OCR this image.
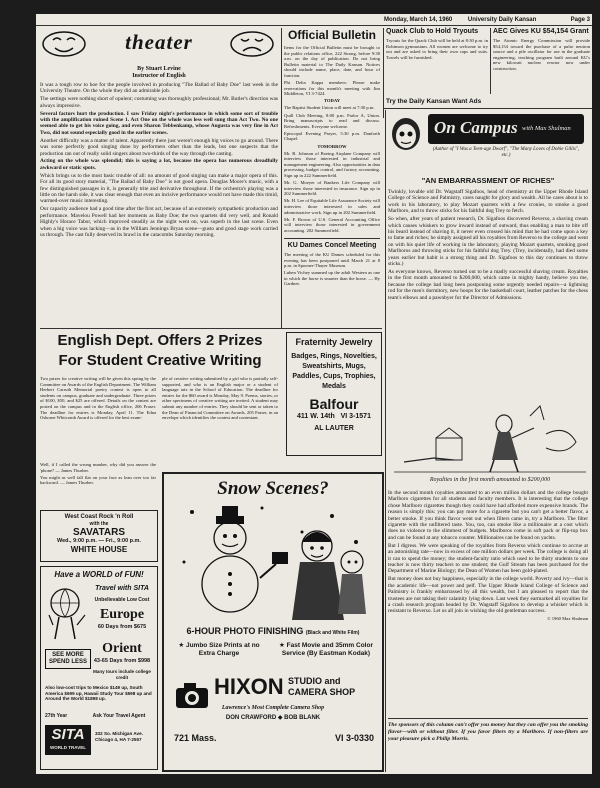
Monday, March 14, 1960	University Daily Kansan	Page 3
theater
By Stuart Levine
Instructor of English

It was a tough row to hoe for the people involved in producing "The Ballad of Baby Doe" last week in the University Theatre. On the whole they did an admirable job.

The settings were nothing short of opulent; costuming was thoroughly professional; Mr. Butler's direction was always impressive.

Several factors hurt the production. I saw Friday night's performance in which some sort of trouble with the amplification ruined Scene 1. Act One on the whole was less well sung than Act Two. No one seemed able to get his voice going, and even Sharon Tebbenkamp, whose Augusta was very fine in Act Two, did not sound especially good in the earlier scenes.

Another difficulty was a matter of talent. Apparently there just weren't enough big voices to go around. There was some perfectly good singing done by performers other than the leads, but one suspects that the production ran out of really solid singers about two-thirds of the way through the casting.

Acting on the whole was splendid; this is saying a lot, because the opera has numerous dreadfully awkward or static spots.

Which brings us to the most basic trouble of all: no amount of good singing can make a major opera of this. For all its good story material, "The Ballad of Baby Doe" is not good opera. Douglas Moore's music, with a few distinguished passages in it, is generally trite and derivative throughout. If the orchestra's playing was a little on the harsh side, it was clear enough that even an incisive performance would not have made this timid, warmed-over music interesting.

Our capacity audience had a good time after the first act, because of an extremely sympathetic production and performance. Mavelou Powell had her moments as Baby Doe; the two quartets did very well, and Ronald Highly's Horace Tabor, which improved steadily as the night went on, was superb in the last scene. Even when a big voice was lacking—as in the William Jennings Bryan scene—gusto and good stage work carried us through. The cast fully deserved its brawl in the catacombs Saturday morning.

Official Bulletin

Items for the Official Bulletin must be brought to the public relations office, 222 Strong, before 9:30 a.m. on the day of publication. Do not bring Bulletin material to The Daily Kansan. Notices should include name, place, date, and hour of function.

Phi Delta Kappa members: Please make reservations for this month's meeting with Jim Middleton, VI 3-7424.

TODAY

The Baptist Student Union will meet at 7:30 p.m.

Quill Club Meeting, 8:00 p.m. Parlor A, Union. Bring manuscripts to read and discuss. Refreshments. Everyone welcome.

Episcopal Evening Prayer, 5:30 p.m. Danforth Chapel.

TOMORROW

Mr. B. Johnson of Boeing Airplane Company will interview those interested in industrial and management engineering. Also opportunities in data processing, budget control, and factory accounting. Sign up in 222 Summerfield.

Mr. G. Moeyer of Bankers Life Company will interview those interested in insurance. Sign up in 202 Summerfield.

Mr. H. Lee of Equitable Life Assurance Society will interview those interested in sales and administrative work. Sign up in 202 Summerfield.

Mr. F. Brown of U.S. General Accounting Office will interview those interested in government accounting. 202 Summerfield.

KU Dames Concel Meeting

The meeting of the KU Dames scheduled for this evening has been postponed until March 21 at 8 p.m. in Spooner-Thayer Museum.

Luben Vichey summed up the adult Western as one in which the horse is smarter than the horse. — Hy Gardner.

Quack Club to Hold Tryouts
Tryouts for the Quack Club will be held at 8:30 p.m. in Robinson gymnasium. All women are welcome to try out and are asked to bring their own caps and suits. Towels will be furnished.
AEC Gives KU $54,154 Grant
The Atomic Energy Commission will provide $54,154 toward the purchase of a pulse neutron source and a pile oscillator for use in the graduate engineering, teaching program built around KU's new kilowatt nuclear reactor now under construction.
Try the Daily Kansan Want Ads
On Campus with Max Shulman
(Author of "I Was a Teen-age Dwarf", "The Many Loves of Dobie Gillis", etc.)
"AN EMBARRASSMENT OF RICHES"

Twinkly, lovable old Dr. Wagstaff Sigafoos, head of chemistry at the Upper Rhode Island College of Science and Palmistry, cares naught for glory and wealth. All he cares about is to work in his laboratory, to play Mozart quartets with a few cronies, to smoke a good Marlboro, and to throw sticks for his faithful dog Trey to fetch.

So when, after years of patient research, Dr. Sigafoos discovered Reverso, a shaving cream which causes whiskers to grow inward instead of outward, thus enabling a man to bite off his beard instead of shaving it, it never even crossed his mind that he had come upon a key to fame and riches; he simply assigned all his royalties from Reverso to the college and went on with his quiet life of working in the laboratory, playing Mozart quartets, smoking good Marlboros and throwing sticks for his faithful dog Trey. (Trey, incidentally, had died some years earlier but habit is a strong thing and Dr. Sigafoos to this day continues to throw sticks.)

As everyone knows, Reverso turned out to be a madly successful shaving cream. Royalties in the first month amounted to $200,000, which came in mighty handy, believe you me, because the college had long been postponing some urgently needed repairs—a lightning rod for the men's dormitory, new hoops for the basketball court, leather patches for the chess team's elbows and a pawnbyer for the Director of Admissions.

Royalties in the first month amounted to $200,000

In the second month royalties amounted to an even million dollars and the college bought Marlboro cigarettes for all students and faculty members. It is interesting that the college chose Marlboro cigarettes though they could have had afforded more expensive brands. The reason is simply this: you can pay more for a cigarette but you can't get a better flavor, a better smoke. If you think flavor went out when filters came in, try a Marlboro. The filter cigarette with the unfiltered taste. You, too, can smoke like a millionaire at a cost which does no violence to the slimmest of budgets. Marlboros come in soft pack or flip-top box and can be found at any tobacco counter. Millionaires can be found on yachts.

But I digress. We were speaking of the royalties from Reverso which continue to accrue at an astonishing rate—now in excess of one million dollars per week. The college is doing all it can to spend the money; the student-faculty ratio which used to be thirty students to one teacher is now thirty teachers to one student; the Gulf Stream has been purchased for the Department of Marine Biology; the Dean of Women has been gold-plated.

But money does not buy happiness, especially in the college world. Poverty and ivy—that is the academic life—not power and pelf. The Upper Rhode Island College of Science and Palmistry is frankly embarrassed by all this wealth, but I am pleased to report that the trustees are not taking their calamity lying down. Last week they earmarked all royalties for a crash research program headed by Dr. Wagstaff Sigafoos to develop a whisker which is resistant to Reverso. Let us all join in wishing the old gentleman success.

© 1960 Max Shulman

The sponsors of this column can't offer you money but they can offer you the smoking flavor—with or without filter. If you favor filters try a Marlboro. If non-filters are your pleasure pick a Philip Morris.
English Dept. Offers 2 Prizes
For Student Creative Writing
Two prizes for creative writing will be given this spring by the Committee on Awards of the English Department. The William Herbert Carruth Memorial poetry contest is open to all students on campus, graduate and undergraduate. Three prizes of $100, $50, and $25 are offered. Details on the contest are posted on the campus and in the English office, 206 Fraser. The deadline for entries is Monday, April 11. The Edna Osborne Whitcomb Award is offered for the best exam-
ple of creative writing submitted by a girl who is partially self-supported, and who is an English major or a student of language arts in the School of Education. The deadline for entries for the $60 award is Monday, May 9. Poems, stories, or other specimens of creative writing are invited. A student may submit any number of entries. They should be sent or taken to the Dean of Financial Committee on Awards, 205 Fraser, in an envelope which identifies the contest and contestant.

Well, if I called the wrong number, why did you answer the 'phone? — James Thurber.

You might as well fall flat on your face as lean over too far backward. — James Thurber.

Fraternity Jewelry
Badges, Rings, Novelties, Sweatshirts, Mugs, Paddles, Cups, Trophies, Medals
Balfour
411 W. 14th VI 3-1571
AL LAUTER
West Coast Rock 'n Roll
with the
SAVATARS
Wed., 9:00 p.m. — Fri., 9:00 p.m.
WHITE HOUSE
Have a WORLD of FUN!
Travel with SITA
Unbelievable Low Cost
Europe
60 Days from $675
SEE MORE SPEND LESS
Orient
43-65 Days from $998
Many tours include college credit
Also low-cost trips to Mexico $149 up, South America $699 up, Hawaii Study Tour $598 up and Around the World $1898 up.
27th Year	Ask Your Travel Agent
SITA
WORLD TRAVEL
332 So. Michigan Ave. Chicago 4, HA 7-2557
Snow Scenes?
6-HOUR PHOTO FINISHING (Black and White Film)
★ Jumbo Size Prints at no Extra Charge
★ Fast Movie and 35mm Color Service (By Eastman Kodak)
HIXON STUDIO and CAMERA SHOP
Lawrence's Most Complete Camera Shop
DON CRAWFORD ◆ BOB BLANK
721 Mass.	VI 3-0330
